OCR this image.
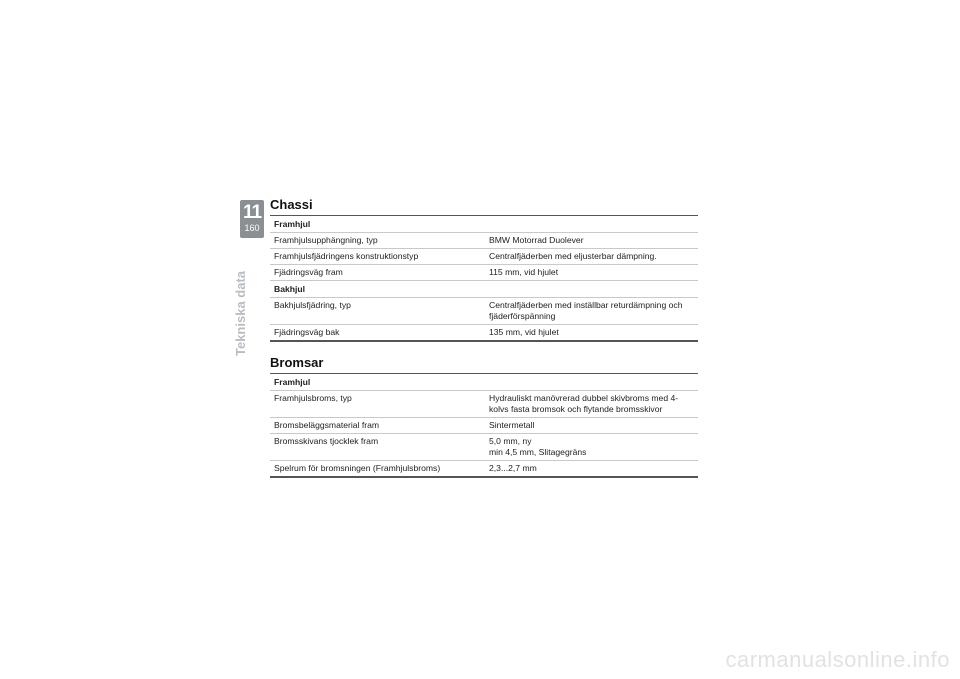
11
160
Tekniska data
Chassi
Framhjul	
Framhjulsupphängning, typ	BMW Motorrad Duolever

Framhjulsfjädringens konstruktionstyp	Centralfjäderben med eljusterbar dämpning.

Fjädringsväg fram	115 mm, vid hjulet

Bakhjul	
Bakhjulsfjädring, typ	Centralfjäderben med inställbar returdämpning och fjäderförspänning

Fjädringsväg bak	135 mm, vid hjulet
Bromsar
Framhjul	
Framhjulsbroms, typ	Hydrauliskt manövrerad dubbel skivbroms med 4-kolvs fasta bromsok och flytande bromsskivor

Bromsbeläggsmaterial fram	Sintermetall

Bromsskivans tjocklek fram	5,0 mm, ny
min 4,5 mm, Slitagegräns

Spelrum för bromsningen (Framhjulsbroms)	2,3...2,7 mm
carmanualsonline.info
